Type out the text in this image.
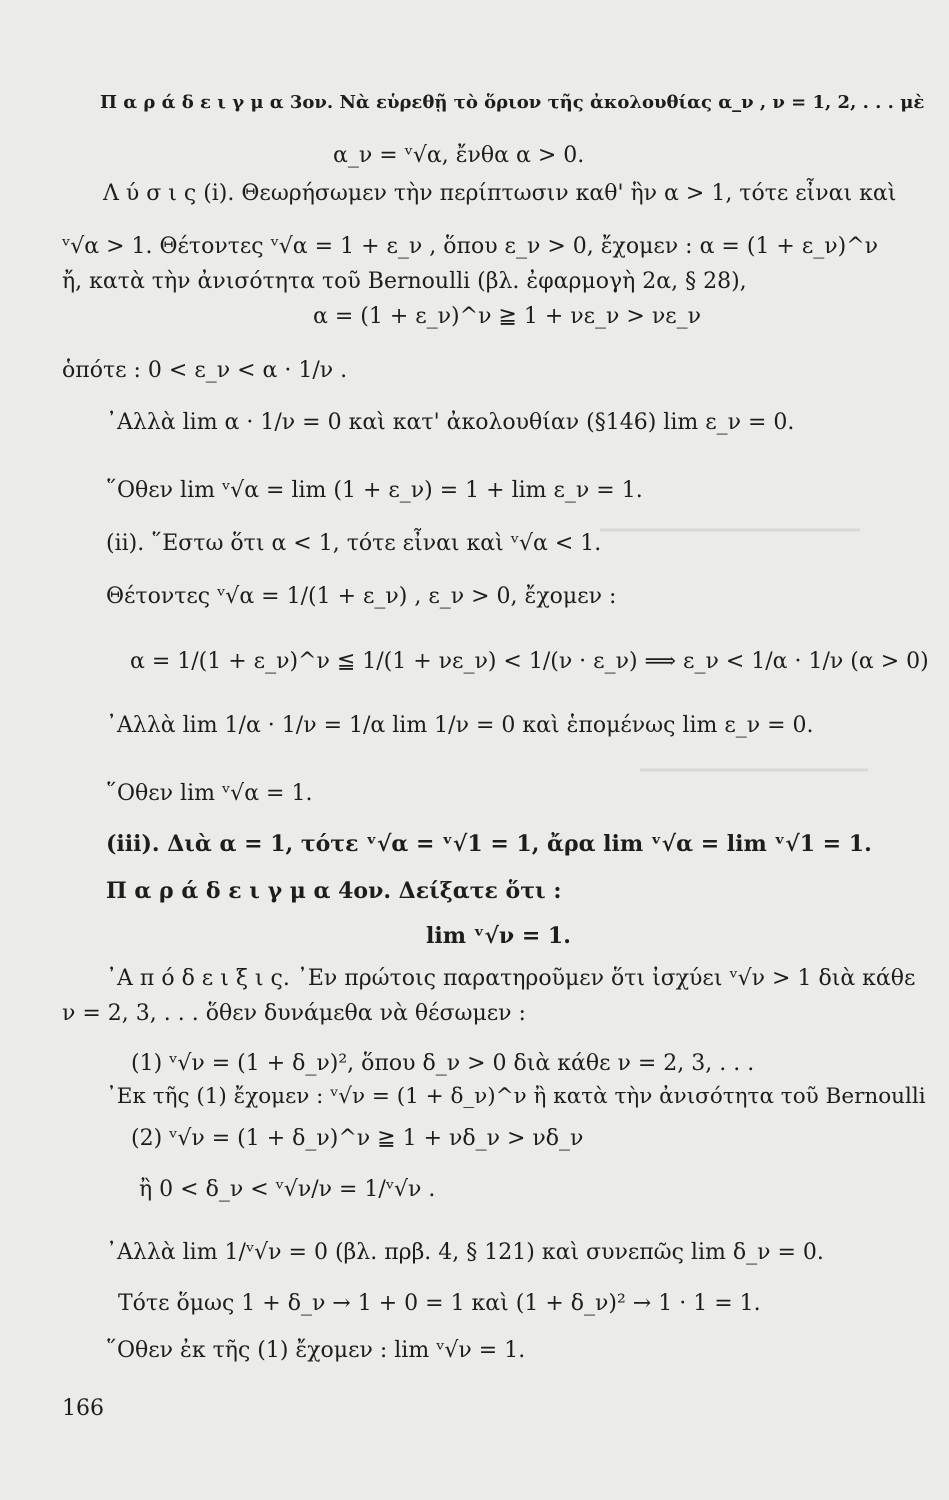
━━━━━━━━━━━━━━━━━━━━━━━━
━━━━━━━━━━━━━━━━━━━━━
Π α ρ ά δ ε ι γ μ α 3ον. Νὰ εὑρεθῇ τὸ ὅριον τῆς ἀκολουθίας α_ν , ν = 1, 2, . . . μὲ
α_ν = ᵛ√α, ἔνθα α > 0.
Λ ύ σ ι ς (i). Θεωρήσωμεν τὴν περίπτωσιν καθ' ἣν α > 1, τότε εἶναι καὶ
ᵛ√α > 1. Θέτοντες ᵛ√α = 1 + ε_ν , ὅπου ε_ν > 0, ἔχομεν : α = (1 + ε_ν)^ν
ἤ, κατὰ τὴν ἀνισότητα τοῦ Bernoulli (βλ. ἐφαρμογὴ 2α, § 28),
α = (1 + ε_ν)^ν ≧ 1 + νε_ν > νε_ν
ὁπότε : 0 < ε_ν < α · 1/ν .
᾿Αλλὰ lim α · 1/ν = 0 καὶ κατ' ἀκολουθίαν (§146) lim ε_ν = 0.
῞Οθεν lim ᵛ√α = lim (1 + ε_ν) = 1 + lim ε_ν = 1.
(ii). ῞Εστω ὅτι α < 1, τότε εἶναι καὶ ᵛ√α < 1.
Θέτοντες ᵛ√α = 1/(1 + ε_ν) , ε_ν > 0, ἔχομεν :
α = 1/(1 + ε_ν)^ν ≦ 1/(1 + νε_ν) < 1/(ν · ε_ν) ⟹ ε_ν < 1/α · 1/ν (α > 0)
᾿Αλλὰ lim 1/α · 1/ν = 1/α lim 1/ν = 0 καὶ ἑπομένως lim ε_ν = 0.
῞Οθεν lim ᵛ√α = 1.
(iii). Διὰ α = 1, τότε ᵛ√α = ᵛ√1 = 1, ἄρα lim ᵛ√α = lim ᵛ√1 = 1.
Π α ρ ά δ ε ι γ μ α 4ον. Δείξατε ὅτι :
lim ᵛ√ν = 1.
᾿Α π ό δ ε ι ξ ι ς. ᾿Εν πρώτοις παρατηροῦμεν ὅτι ἰσχύει ᵛ√ν > 1 διὰ κάθε
ν = 2, 3, . . . ὅθεν δυνάμεθα νὰ θέσωμεν :
(1) ᵛ√ν = (1 + δ_ν)², ὅπου δ_ν > 0 διὰ κάθε ν = 2, 3, . . .
᾿Εκ τῆς (1) ἔχομεν : ᵛ√ν = (1 + δ_ν)^ν ἢ κατὰ τὴν ἀνισότητα τοῦ Bernoulli
(2) ᵛ√ν = (1 + δ_ν)^ν ≧ 1 + νδ_ν > νδ_ν
ἢ 0 < δ_ν < ᵛ√ν/ν = 1/ᵛ√ν .
᾿Αλλὰ lim 1/ᵛ√ν = 0 (βλ. πρβ. 4, § 121) καὶ συνεπῶς lim δ_ν = 0.
Τότε ὅμως 1 + δ_ν → 1 + 0 = 1 καὶ (1 + δ_ν)² → 1 · 1 = 1.
῞Οθεν ἐκ τῆς (1) ἔχομεν : lim ᵛ√ν = 1.
166
